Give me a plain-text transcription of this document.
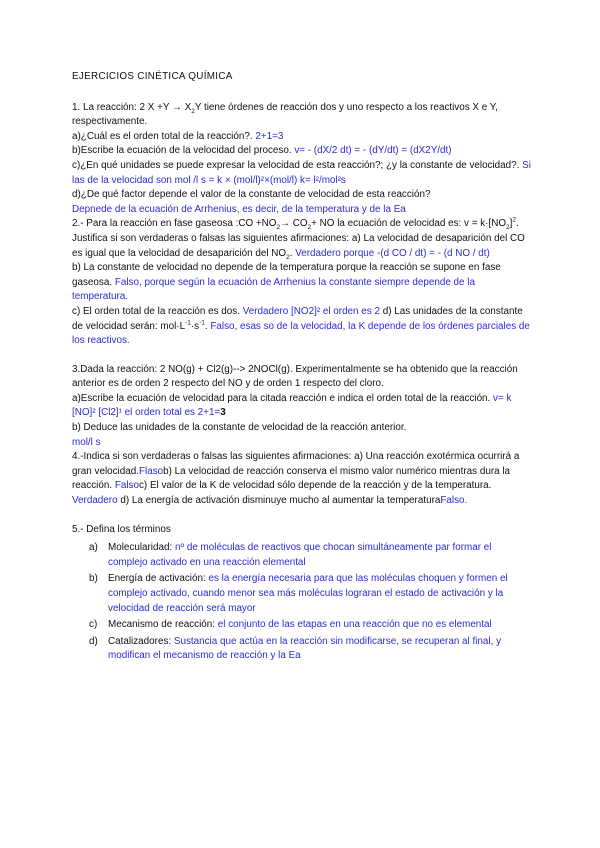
EJERCICIOS CINÉTICA QUÍMICA

1. La reacción: 2 $X +Y \to X_2Y$ tiene órdenes de reacción dos y uno respecto a los reactivos X e Y, respectivamente.

a)¿Cuál es el orden total de la reacción?. 2+1=3

b)Escribe la ecuación de la velocidad del proceso. v= - (dX/2 dt) = - (dY/dt) = (dX2Y/dt)

c)¿En qué unidades se puede expresar la velocidad de esta reacción?; ¿y la constante de velocidad?. Si las de la velocidad son mol /l s = k × (mol/l)²×(mol/l) k= l²/mol²s

d)¿De qué factor depende el valor de la constante de velocidad de esta reacción?

Depnede de la ecuación de Arrhenius, es decir, de la temperatura y de la Ea

2.- Para la reacción en fase gaseosa :CO $+NO_2\to CO_2+$ NO la ecuación de velocidad es: $v = k\cdot[NO_2]^2$. Justifica si son verdaderas o falsas las siguientes afirmaciones: a) La velocidad de desaparición del CO es igual que la velocidad de desaparición del $NO_2$. Verdadero porque -(d CO / dt) = - (d NO / dt)

b) La constante de velocidad no depende de la temperatura porque la reacción se supone en fase gaseosa. Falso, porque según la ecuación de Arrhenius la constante siempre depende de la temperatura.

c) El orden total de la reacción es dos. Verdadero [NO2]² el orden es 2 d) Las unidades de la constante de velocidad serán: $mol\cdot L^{-1}\cdot s^{-1}$. Falso, esas so de la velocidad, la K depende de los órdenes parciales de los reactivos.

3.Dada la reacción: 2 NO(g) + Cl2(g)--> 2NOCl(g). Experimentalmente se ha obtenido que la reacción anterior es de orden 2 respecto del NO y de orden 1 respecto del cloro.

a)Escribe la ecuación de velocidad para la citada reacción e indica el orden total de la reacción. v= k [NO]² [Cl2]¹ el orden total es 2+1=3

b) Deduce las unidades de la constante de velocidad de la reacción anterior.

mol/l s

4.-Indica si son verdaderas o falsas las siguientes afirmaciones: a) Una reacción exotérmica ocurrirá a gran velocidad.Flasob) La velocidad de reacción conserva el mismo valor numérico mientras dura la reacción. Falsoc) El valor de la K de velocidad sólo depende de la reacción y de la temperatura. Verdadero d) La energía de activación disminuye mucho al aumentar la temperaturaFalso.

5.- Defina los términos

a) Molecularidad: nº de moléculas de reactivos que chocan simultáneamente par formar el complejo activado en una reacción elemental
b) Energía de activación: es la energía necesaria para que las moléculas choquen y formen el complejo activado, cuando menor sea más moléculas lograran el estado de activación y la velocidad de reacción será mayor
c) Mecanismo de reacción: el conjunto de las etapas en una reacción que no es elemental
d) Catalizadores: Sustancia que actúa en la reacción sin modificarse, se recuperan al final, y modifican el mecanismo de reacción y la Ea
